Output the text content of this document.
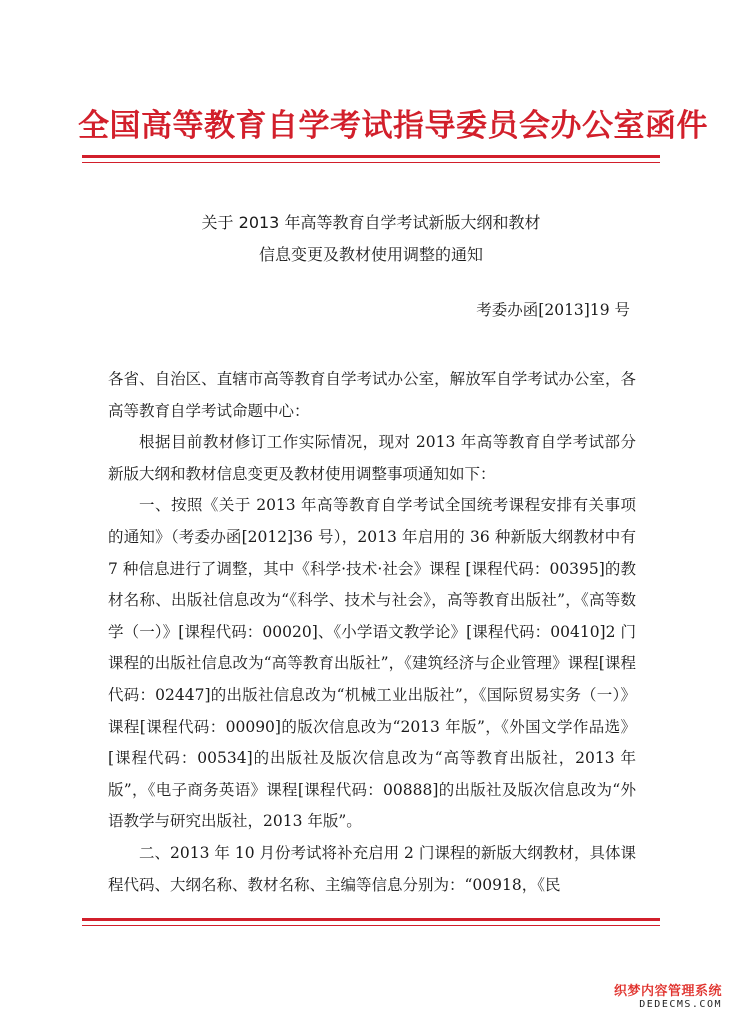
全国高等教育自学考试指导委员会办公室函件
关于 2013 年高等教育自学考试新版大纲和教材
信息变更及教材使用调整的通知
考委办函[2013]19 号

各省、自治区、直辖市高等教育自学考试办公室，解放军自学考试办公室，各高等教育自学考试命题中心：

根据目前教材修订工作实际情况，现对 2013 年高等教育自学考试部分新版大纲和教材信息变更及教材使用调整事项通知如下：

一、按照《关于 2013 年高等教育自学考试全国统考课程安排有关事项的通知》（考委办函[2012]36 号），2013 年启用的 36 种新版大纲教材中有 7 种信息进行了调整，其中《科学·技术·社会》课程 [课程代码：00395]的教材名称、出版社信息改为“《科学、技术与社会》，高等教育出版社”，《高等数学（一）》[课程代码：00020]、《小学语文教学论》[课程代码：00410]2 门课程的出版社信息改为“高等教育出版社”，《建筑经济与企业管理》课程[课程代码：02447]的出版社信息改为“机械工业出版社”，《国际贸易实务（一）》课程[课程代码：00090]的版次信息改为“2013 年版”，《外国文学作品选》[课程代码：00534]的出版社及版次信息改为“高等教育出版社，2013 年版”，《电子商务英语》课程[课程代码：00888]的出版社及版次信息改为“外语教学与研究出版社，2013 年版”。

二、2013 年 10 月份考试将补充启用 2 门课程的新版大纲教材，具体课程代码、大纲名称、教材名称、主编等信息分别为：“00918，《民

织梦内容管理系统
DEDECMS.COM
